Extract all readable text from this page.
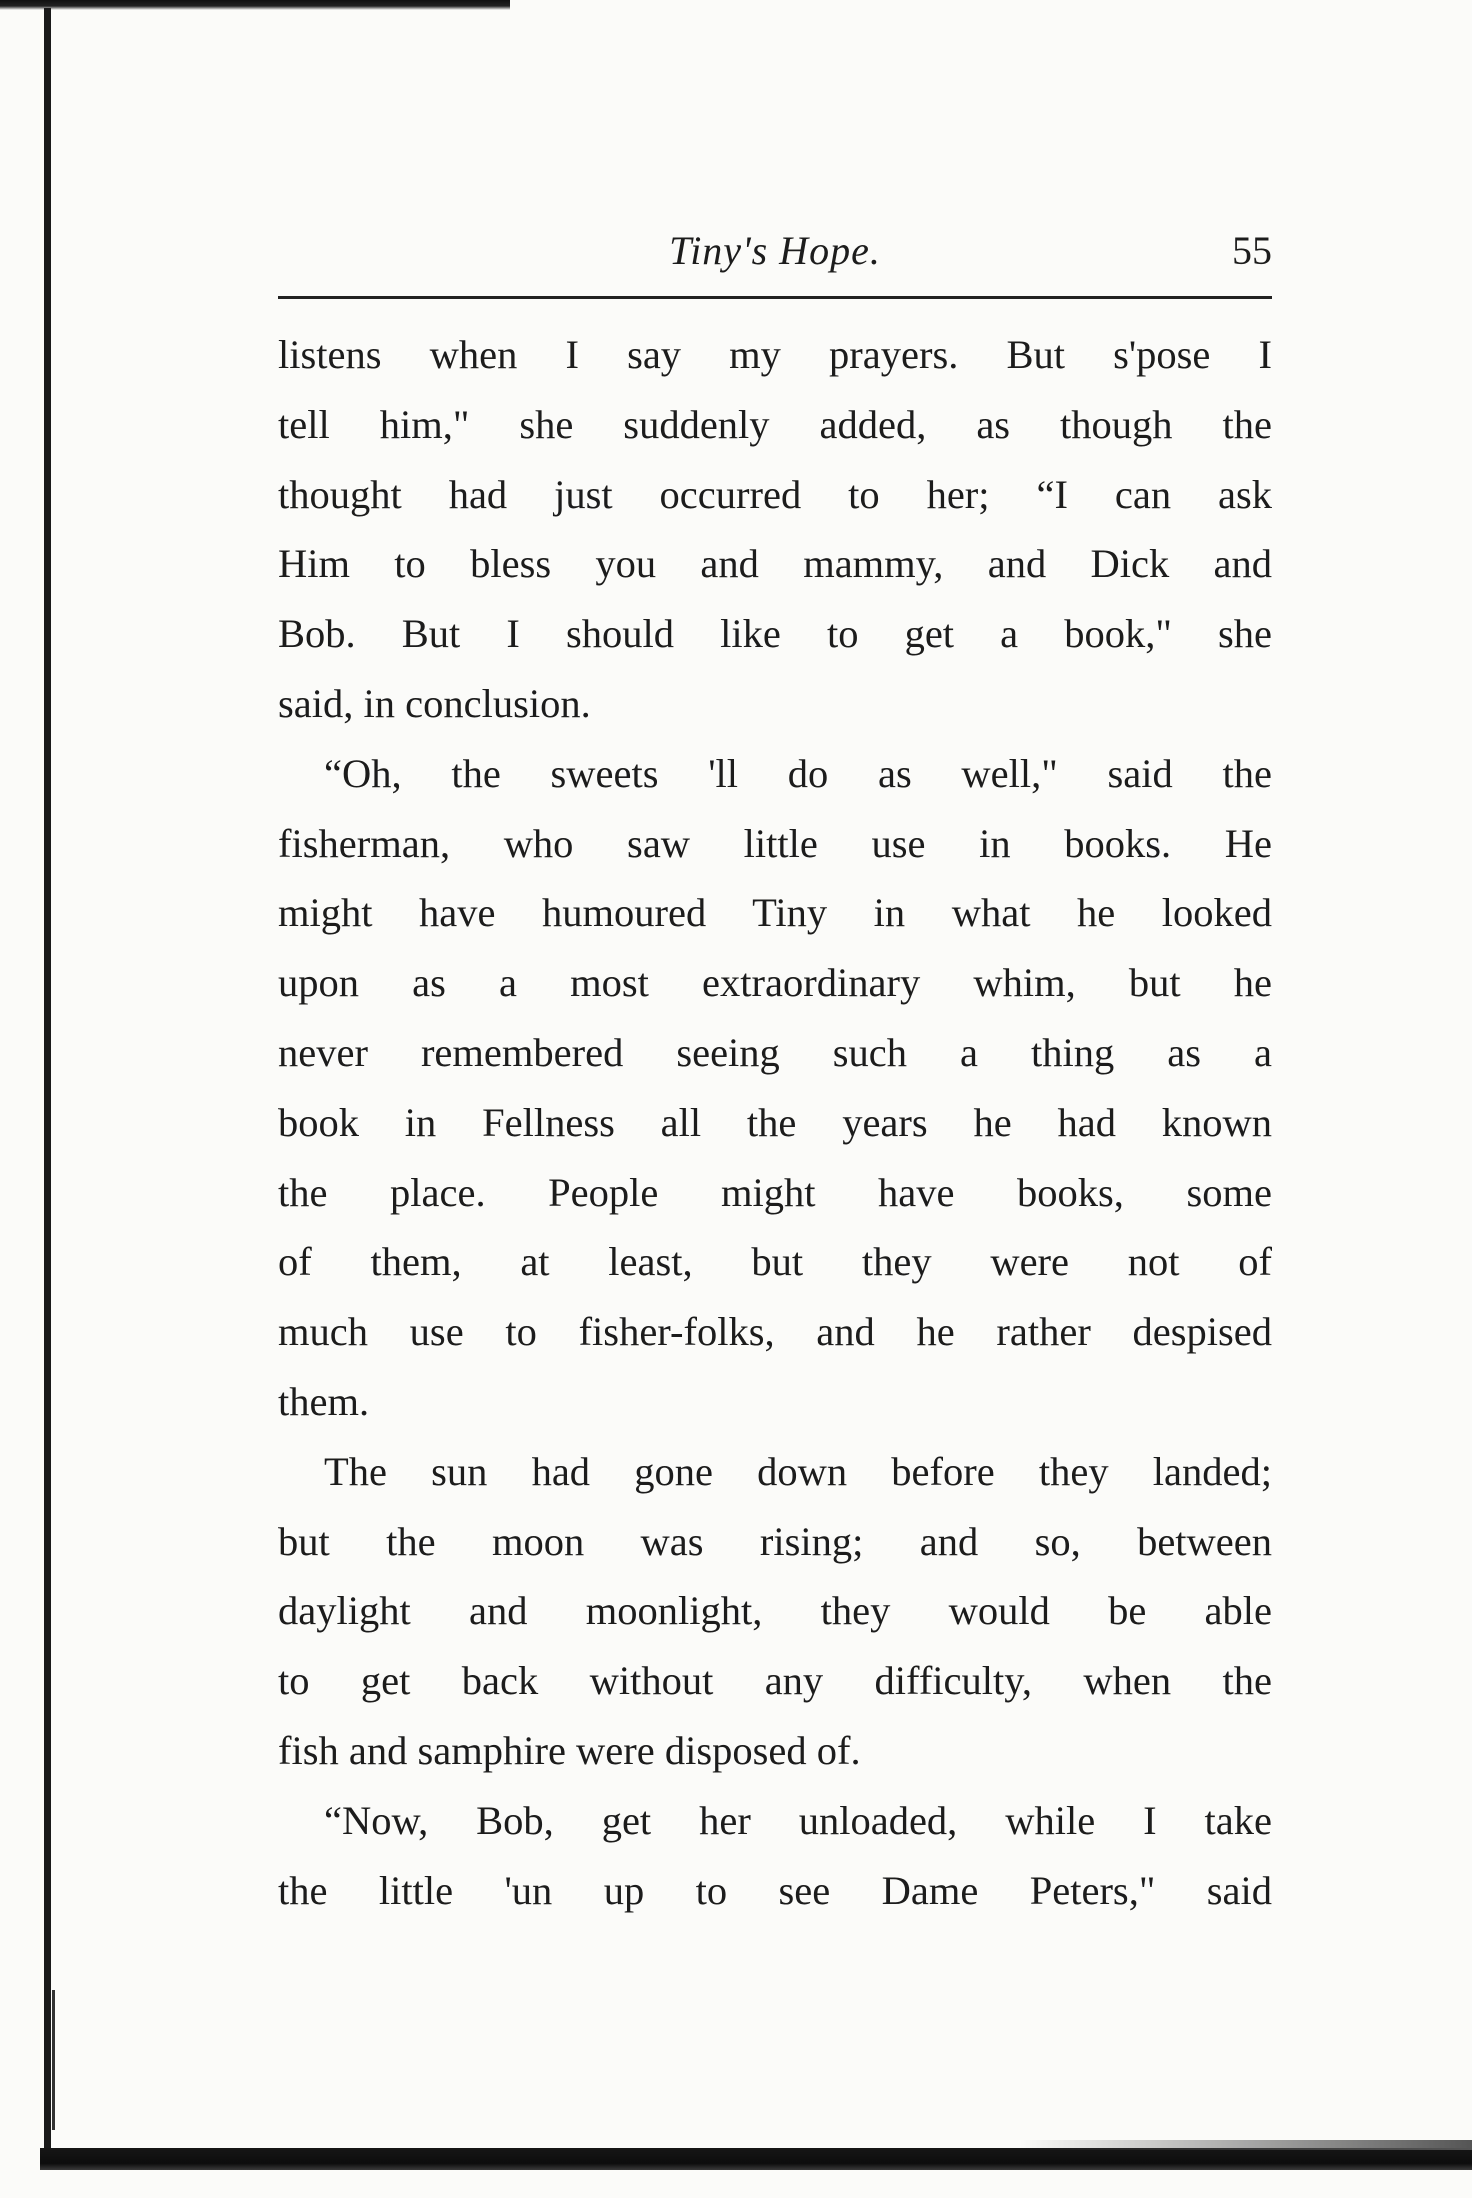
Tiny's Hope.	55

listens when I say my prayers. But s'pose I
tell him," she suddenly added, as though the
thought had just occurred to her; “I can ask
Him to bless you and mammy, and Dick and
Bob. But I should like to get a book," she
said, in conclusion.

“Oh, the sweets 'll do as well," said the
fisherman, who saw little use in books. He
might have humoured Tiny in what he looked
upon as a most extraordinary whim, but he
never remembered seeing such a thing as a
book in Fellness all the years he had known
the place. People might have books, some
of them, at least, but they were not of
much use to fisher-folks, and he rather despised
them.

The sun had gone down before they landed;
but the moon was rising; and so, between
daylight and moonlight, they would be able
to get back without any difficulty, when the
fish and samphire were disposed of.

“Now, Bob, get her unloaded, while I take
the little 'un up to see Dame Peters," said
